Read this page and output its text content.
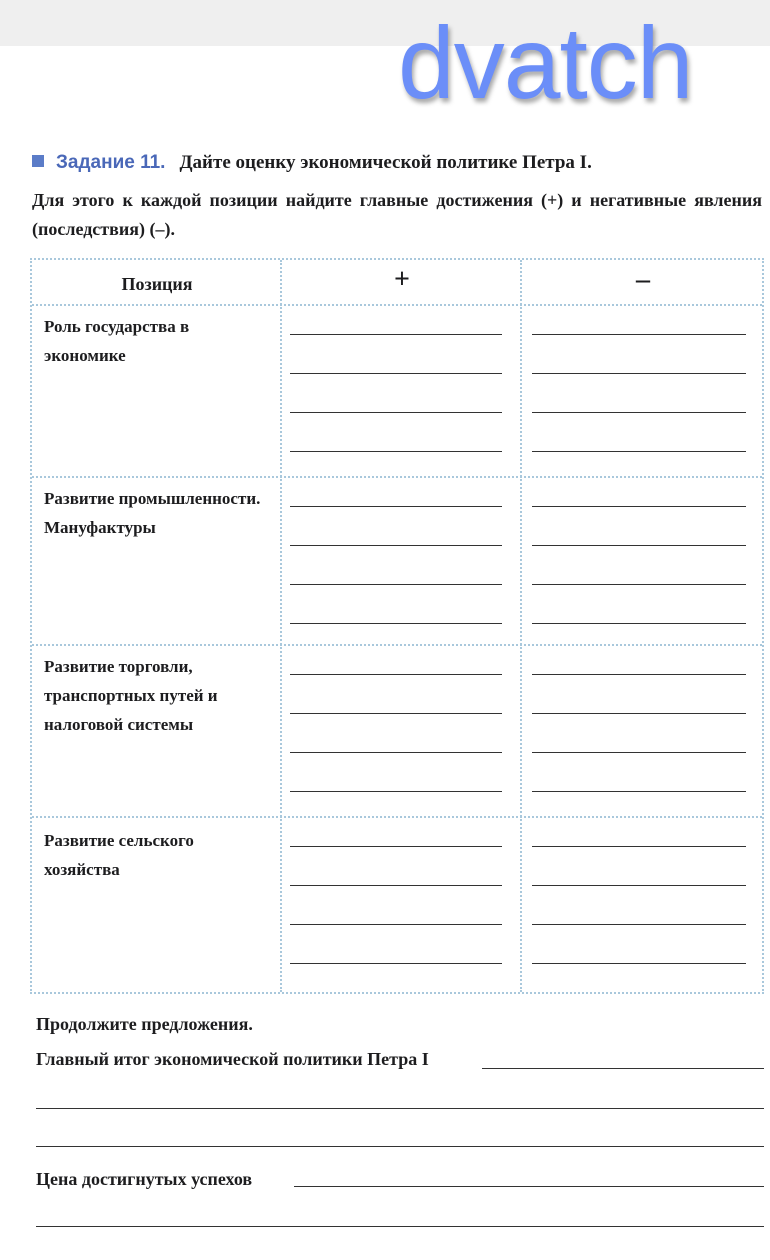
dvatch
Задание 11. Дайте оценку экономической политике Петра I.

Для этого к каждой позиции найдите главные достижения (+) и негативные явления (последствия) (–).

Позиция	+	–
Роль государства в экономике
Развитие промышленности. Мануфактуры
Развитие торговли, транспортных путей и налоговой системы
Развитие сельского хозяйства
Продолжите предложения.
Главный итог экономической политики Петра I
Цена достигнутых успехов
